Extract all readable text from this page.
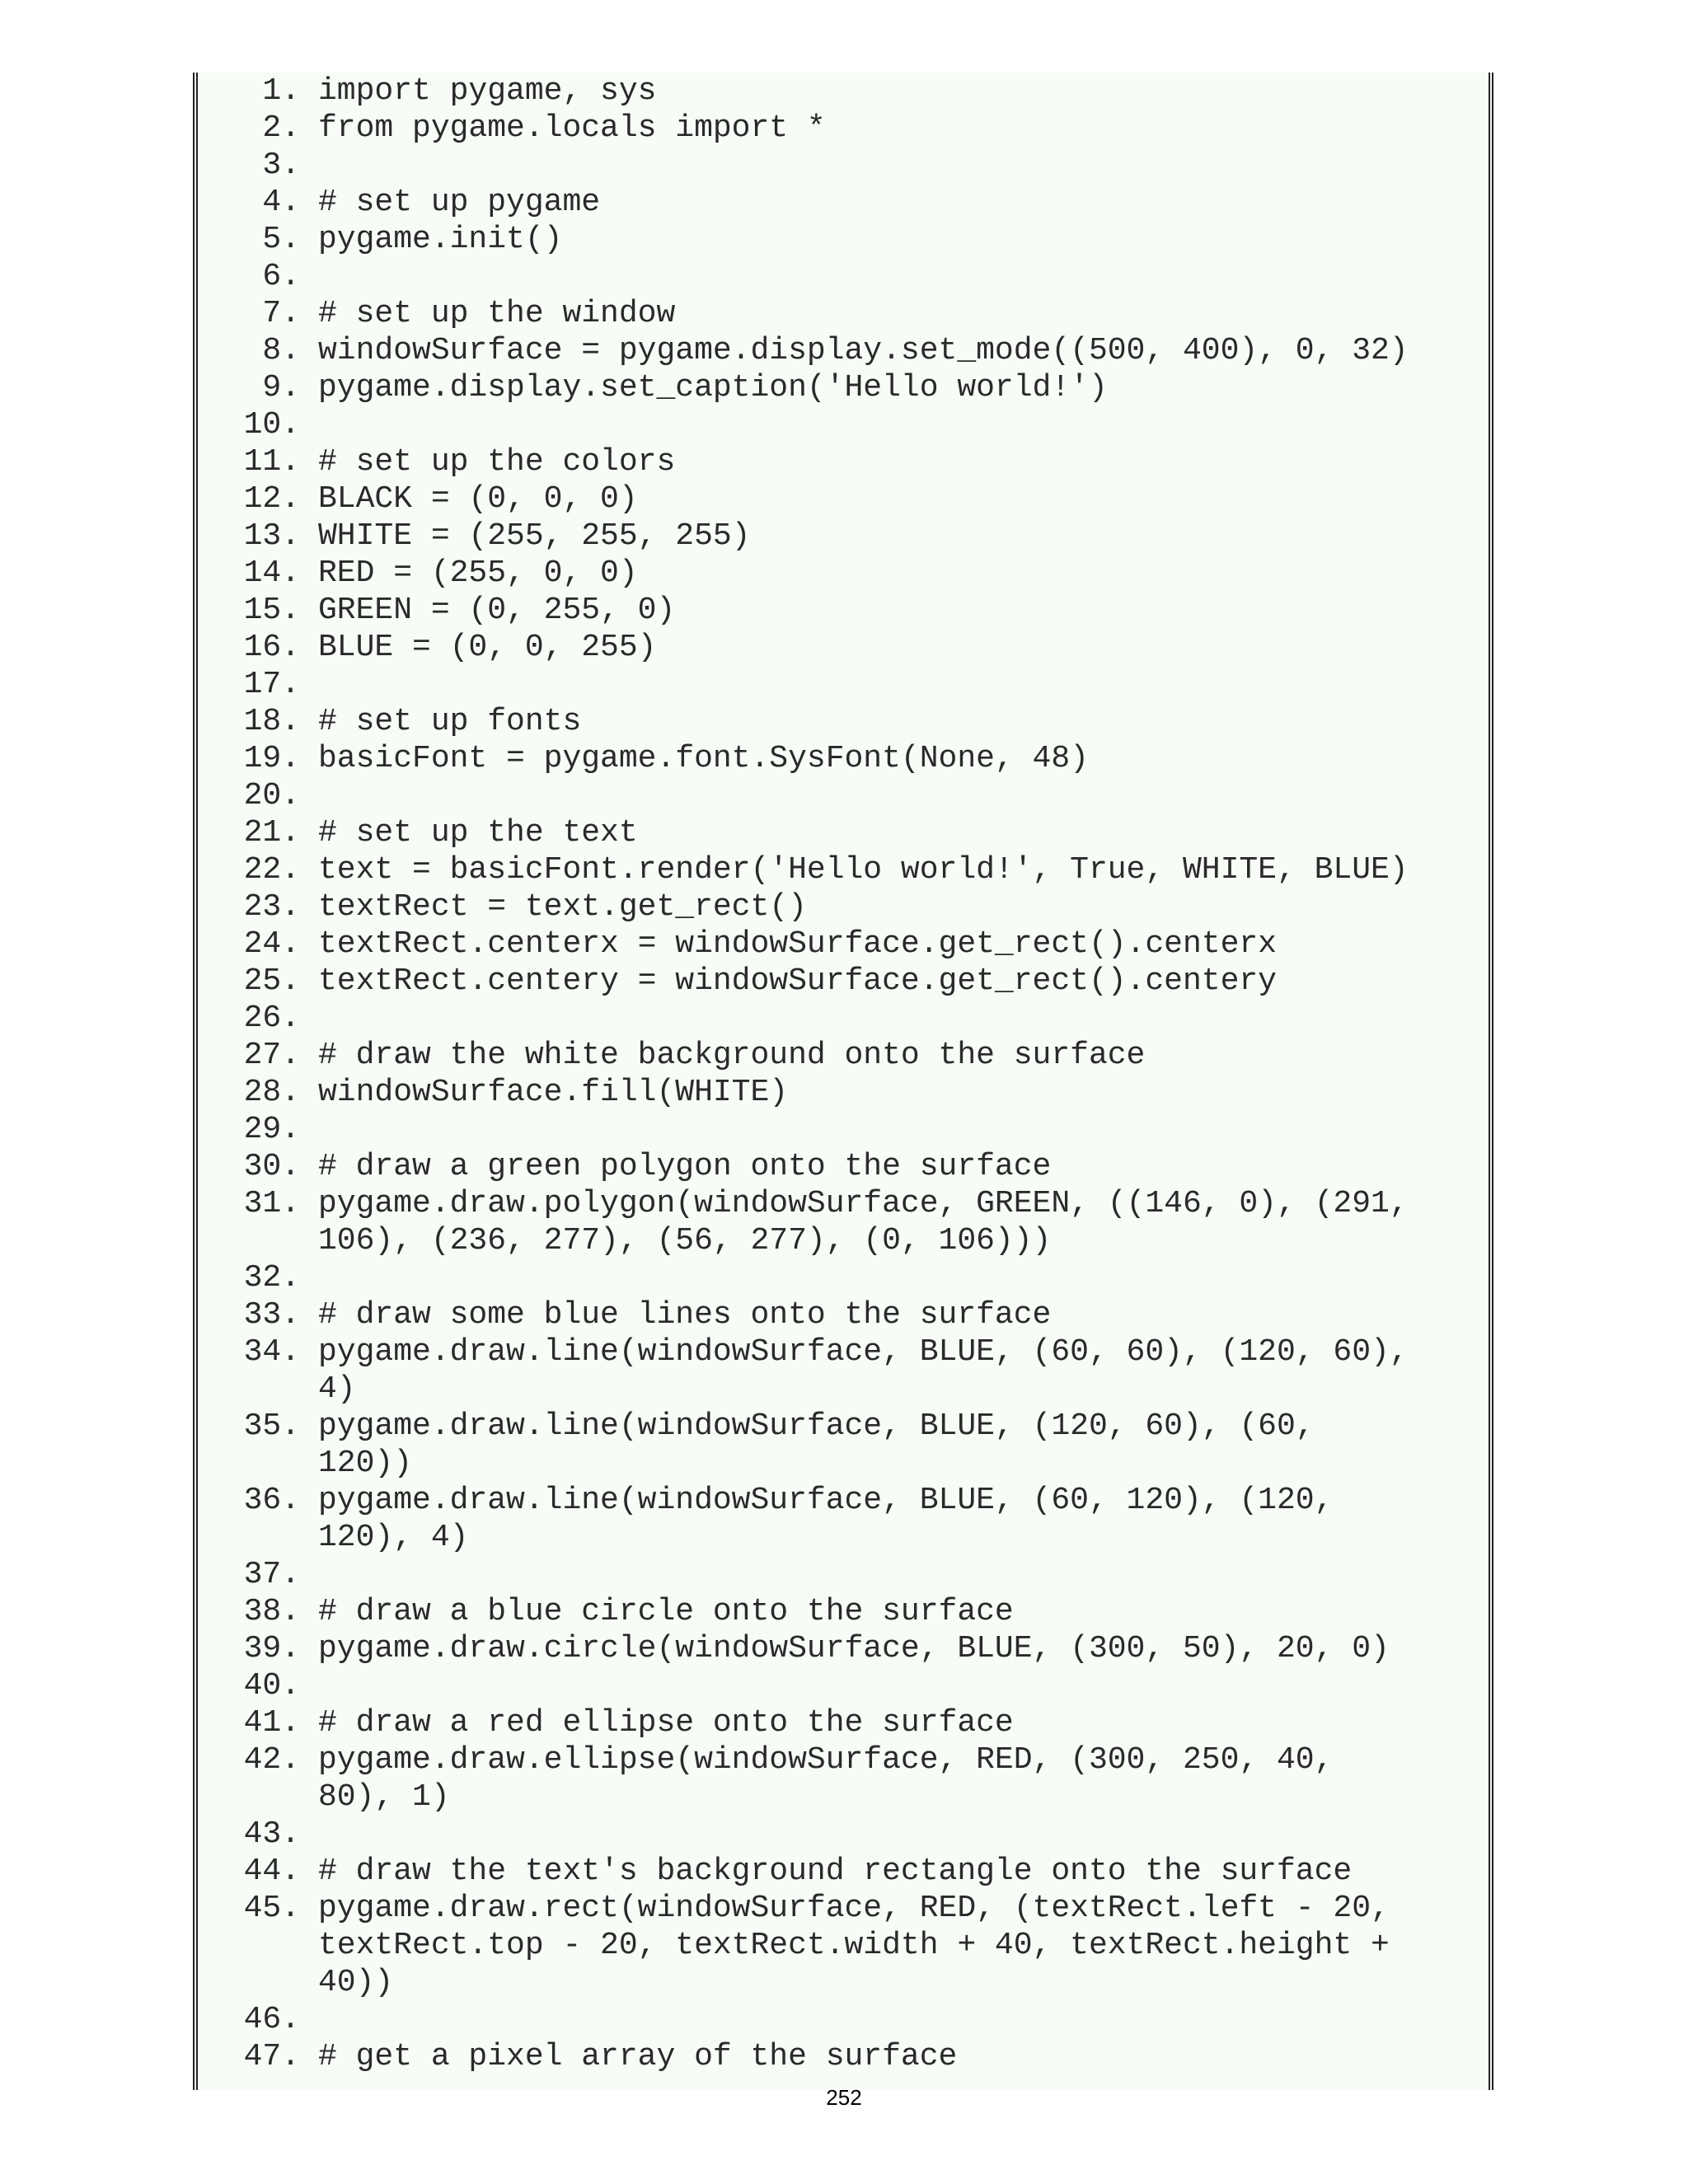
1. import pygame, sys
2. from pygame.locals import *
3.
4. # set up pygame
5. pygame.init()
6.
7. # set up the window
8. windowSurface = pygame.display.set_mode((500, 400), 0, 32)
9. pygame.display.set_caption('Hello world!')
10.
11. # set up the colors
12. BLACK = (0, 0, 0)
13. WHITE = (255, 255, 255)
14. RED = (255, 0, 0)
15. GREEN = (0, 255, 0)
16. BLUE = (0, 0, 255)
17.
18. # set up fonts
19. basicFont = pygame.font.SysFont(None, 48)
20.
21. # set up the text
22. text = basicFont.render('Hello world!', True, WHITE, BLUE)
23. textRect = text.get_rect()
24. textRect.centerx = windowSurface.get_rect().centerx
25. textRect.centery = windowSurface.get_rect().centery
26.
27. # draw the white background onto the surface
28. windowSurface.fill(WHITE)
29.
30. # draw a green polygon onto the surface
31. pygame.draw.polygon(windowSurface, GREEN, ((146, 0), (291,
106), (236, 277), (56, 277), (0, 106)))
32.
33. # draw some blue lines onto the surface
34. pygame.draw.line(windowSurface, BLUE, (60, 60), (120, 60),
4)
35. pygame.draw.line(windowSurface, BLUE, (120, 60), (60,
120))
36. pygame.draw.line(windowSurface, BLUE, (60, 120), (120,
120), 4)
37.
38. # draw a blue circle onto the surface
39. pygame.draw.circle(windowSurface, BLUE, (300, 50), 20, 0)
40.
41. # draw a red ellipse onto the surface
42. pygame.draw.ellipse(windowSurface, RED, (300, 250, 40,
80), 1)
43.
44. # draw the text's background rectangle onto the surface
45. pygame.draw.rect(windowSurface, RED, (textRect.left - 20,
textRect.top - 20, textRect.width + 40, textRect.height +
40))
46.
47. # get a pixel array of the surface
252
